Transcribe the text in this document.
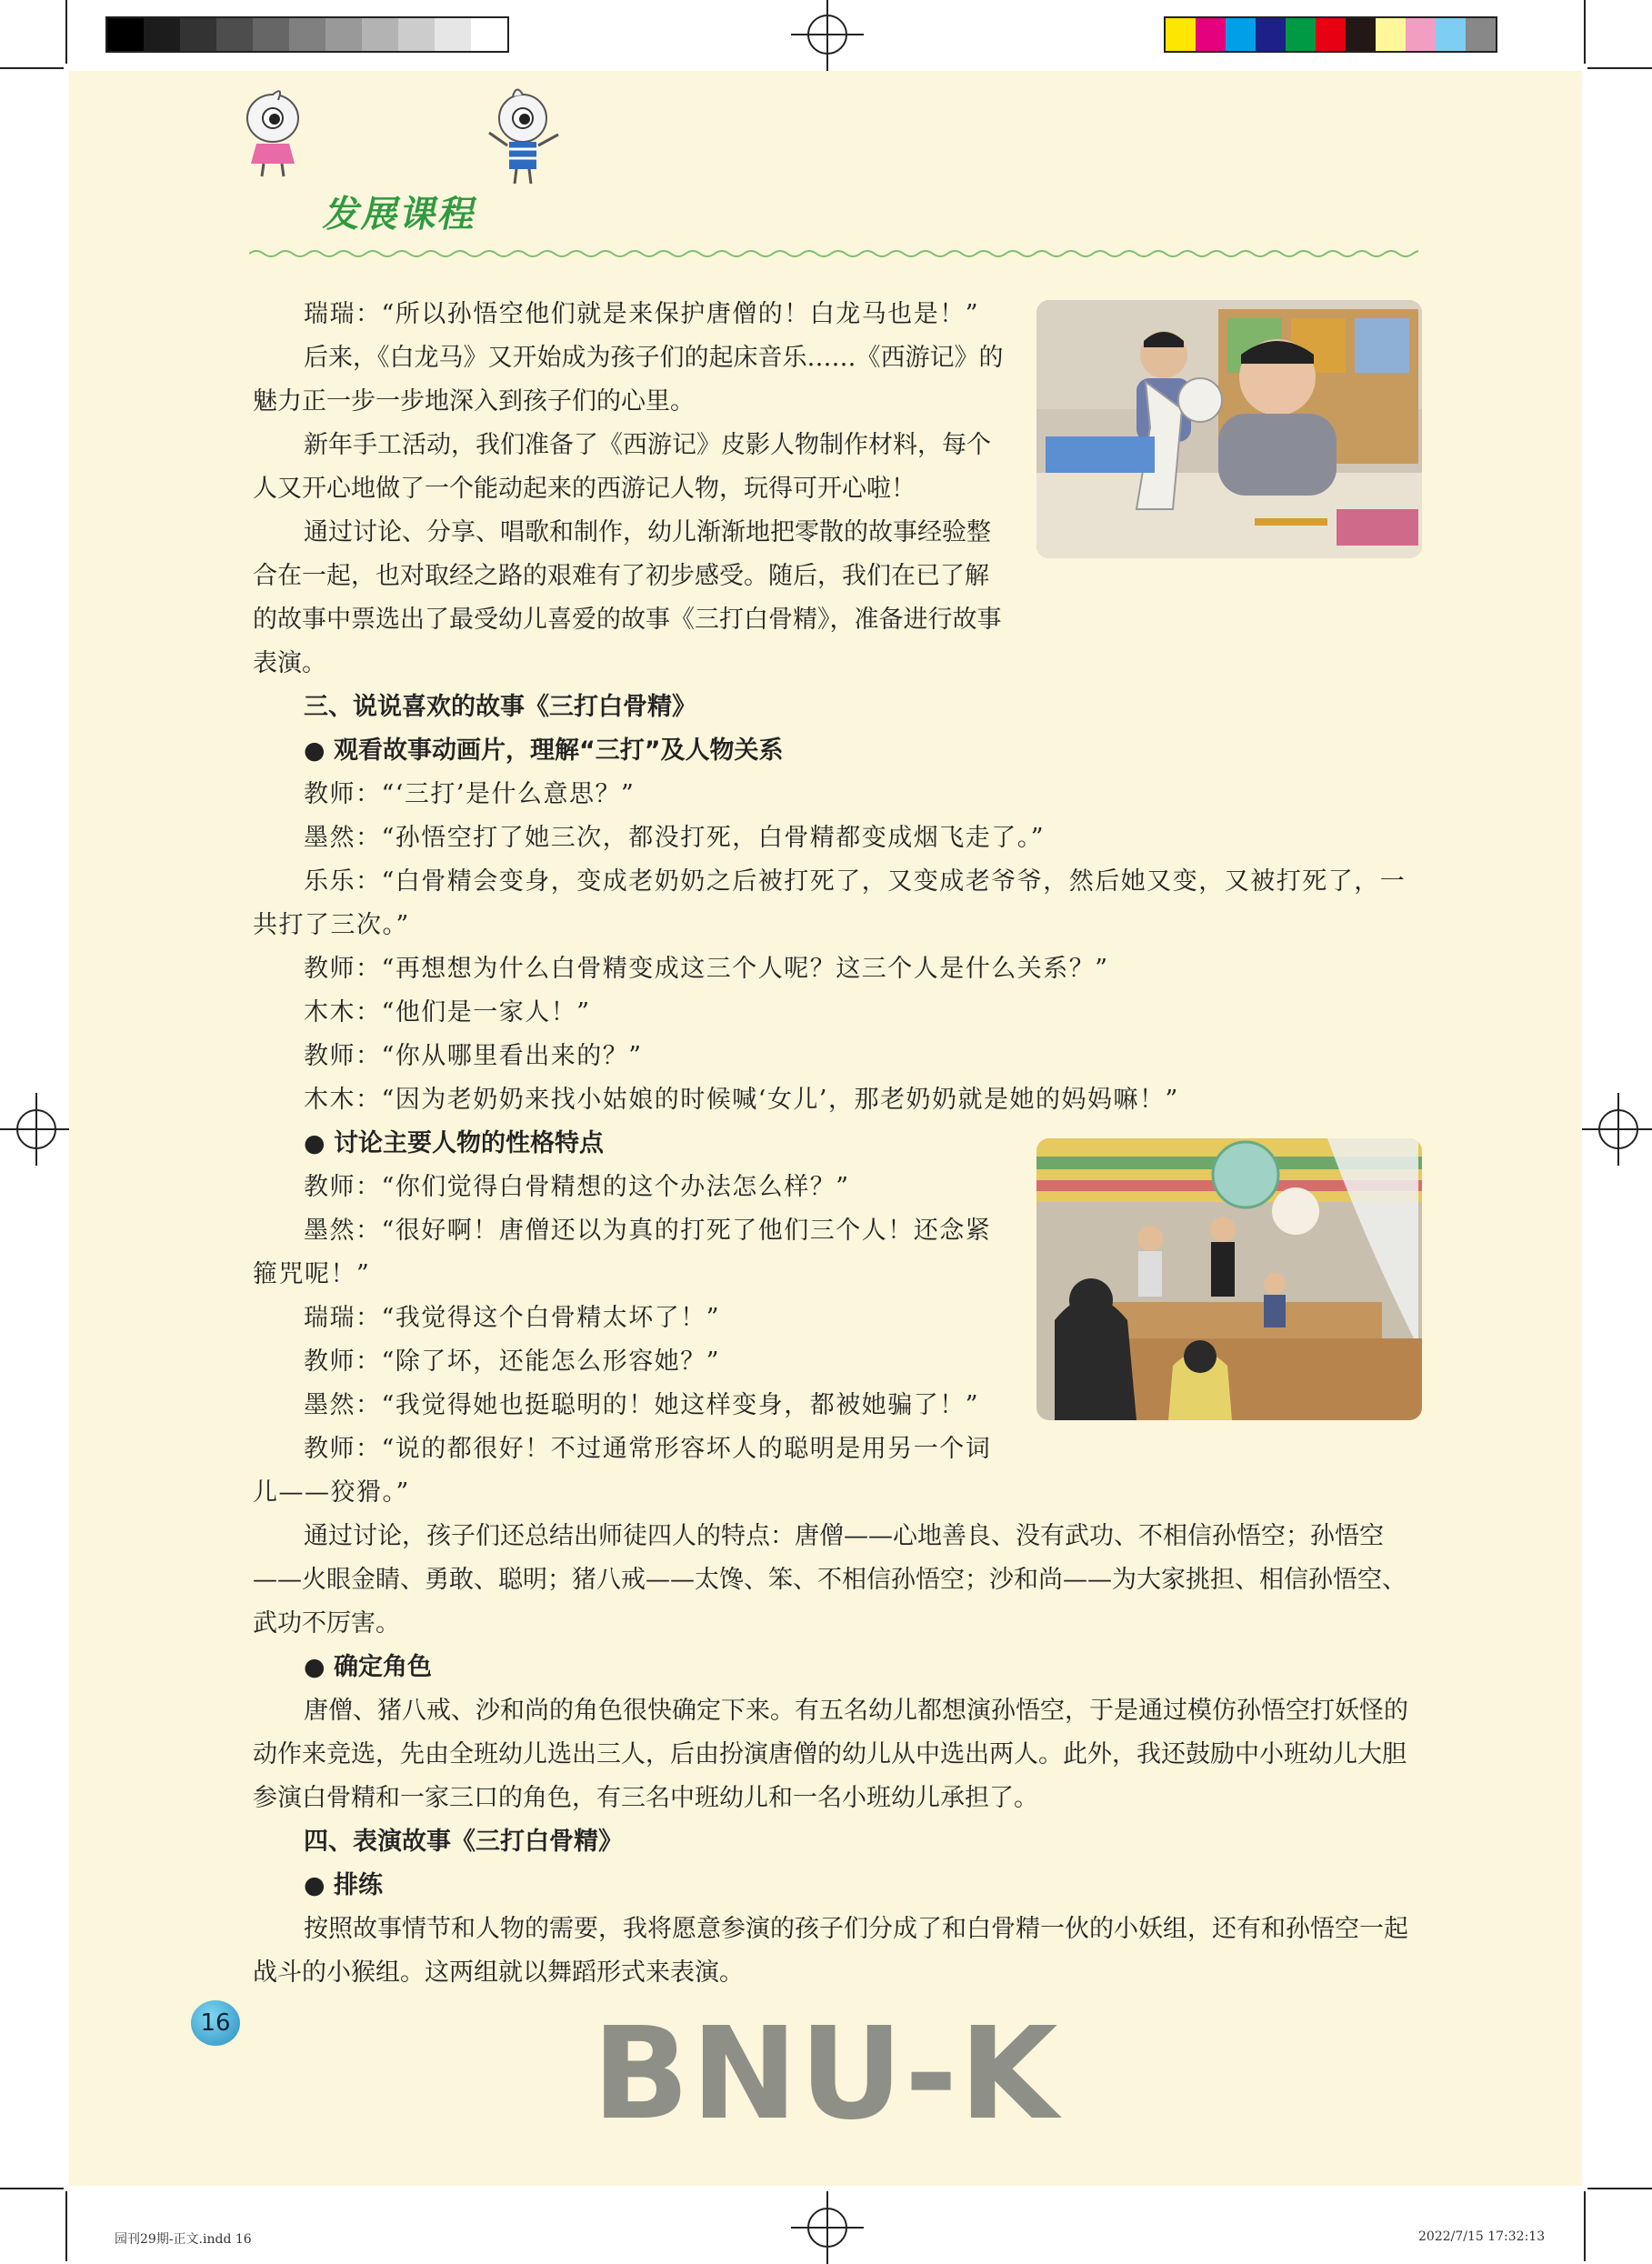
发展课程

瑞瑞：“所以孙悟空他们就是来保护唐僧的！白龙马也是！”

后来，《白龙马》又开始成为孩子们的起床音乐……《西游记》的魅力正一步一步地深入到孩子们的心里。

新年手工活动，我们准备了《西游记》皮影人物制作材料，每个人又开心地做了一个能动起来的西游记人物，玩得可开心啦！

通过讨论、分享、唱歌和制作，幼儿渐渐地把零散的故事经验整合在一起，也对取经之路的艰难有了初步感受。随后，我们在已了解的故事中票选出了最受幼儿喜爱的故事《三打白骨精》，准备进行故事表演。

三、说说喜欢的故事《三打白骨精》

● 观看故事动画片，理解“三打”及人物关系

教师：“‘三打’是什么意思？”

墨然：“孙悟空打了她三次，都没打死，白骨精都变成烟飞走了。”

乐乐：“白骨精会变身，变成老奶奶之后被打死了，又变成老爷爷，然后她又变，又被打死了，一共打了三次。”

教师：“再想想为什么白骨精变成这三个人呢？这三个人是什么关系？”

木木：“他们是一家人！”

教师：“你从哪里看出来的？”

木木：“因为老奶奶来找小姑娘的时候喊‘女儿’，那老奶奶就是她的妈妈嘛！”

● 讨论主要人物的性格特点

教师：“你们觉得白骨精想的这个办法怎么样？”

墨然：“很好啊！唐僧还以为真的打死了他们三个人！还念紧箍咒呢！”

瑞瑞：“我觉得这个白骨精太坏了！”

教师：“除了坏，还能怎么形容她？”

墨然：“我觉得她也挺聪明的！她这样变身，都被她骗了！”

教师：“说的都很好！不过通常形容坏人的聪明是用另一个词儿——狡猾。”

通过讨论，孩子们还总结出师徒四人的特点：唐僧——心地善良、没有武功、不相信孙悟空；孙悟空——火眼金睛、勇敢、聪明；猪八戒——太馋、笨、不相信孙悟空；沙和尚——为大家挑担、相信孙悟空、武功不厉害。

● 确定角色

唐僧、猪八戒、沙和尚的角色很快确定下来。有五名幼儿都想演孙悟空，于是通过模仿孙悟空打妖怪的动作来竞选，先由全班幼儿选出三人，后由扮演唐僧的幼儿从中选出两人。此外，我还鼓励中小班幼儿大胆参演白骨精和一家三口的角色，有三名中班幼儿和一名小班幼儿承担了。

四、表演故事《三打白骨精》

● 排练

按照故事情节和人物的需要，我将愿意参演的孩子们分成了和白骨精一伙的小妖组，还有和孙悟空一起战斗的小猴组。这两组就以舞蹈形式来表演。

16	BNU-K
园刊29期-正文.indd 16	2022/7/15 17:32:13
